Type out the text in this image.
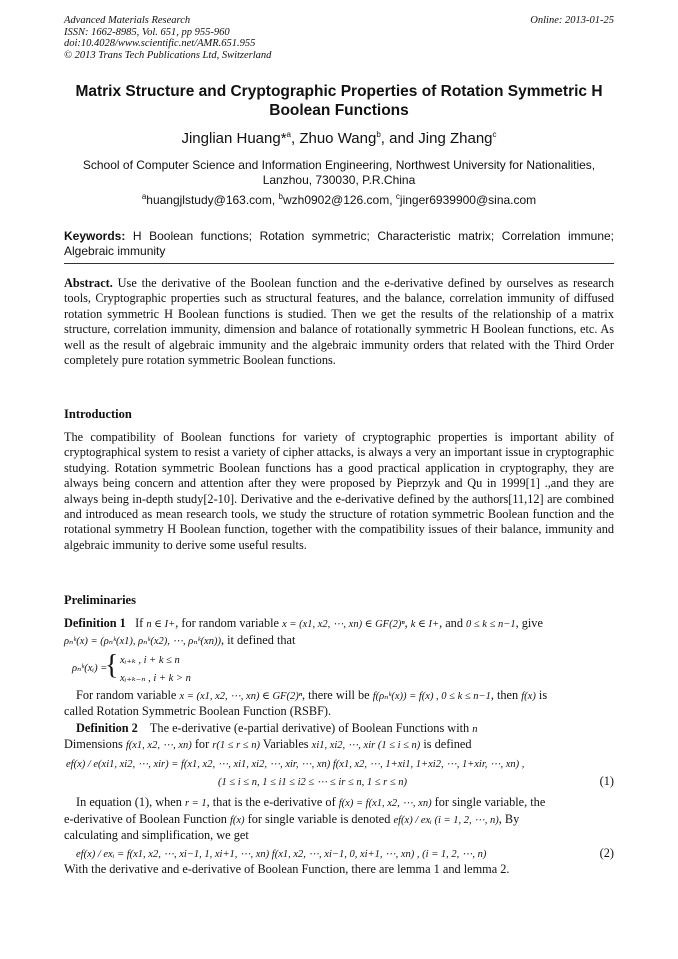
Advanced Materials Research
ISSN: 1662-8985, Vol. 651, pp 955-960
doi:10.4028/www.scientific.net/AMR.651.955
© 2013 Trans Tech Publications Ltd, Switzerland
Online: 2013-01-25
Matrix Structure and Cryptographic Properties of Rotation Symmetric H Boolean Functions
Jinglian Huang*$^a$, Zhuo Wang$^b$, and Jing Zhang$^c$
School of Computer Science and Information Engineering, Northwest University for Nationalities, Lanzhou, 730030, P.R.China
$^a$huangjlstudy@163.com, $^b$wzh0902@126.com, $^c$jinger6939900@sina.com
Keywords: H Boolean functions; Rotation symmetric; Characteristic matrix; Correlation immune; Algebraic immunity
Abstract. Use the derivative of the Boolean function and the e-derivative defined by ourselves as research tools, Cryptographic properties such as structural features, and the balance, correlation immunity of diffused rotation symmetric H Boolean functions is studied. Then we get the results of the relationship of a matrix structure, correlation immunity, dimension and balance of rotationally symmetric H Boolean functions, etc. As well as the result of algebraic immunity and the algebraic immunity orders that related with the Third Order completely pure rotation symmetric Boolean functions.
Introduction
The compatibility of Boolean functions for variety of cryptographic properties is important ability of cryptographical system to resist a variety of cipher attacks, is always a very an important issue in cryptographic studying. Rotation symmetric Boolean functions has a good practical application in cryptography, they are always being concern and attention after they were proposed by Pieprzyk and Qu in 1999[1] .,and they are always being in-depth study[2-10]. Derivative and the e-derivative defined by the authors[11,12] are combined and introduced as mean research tools, we study the structure of rotation symmetric Boolean function and the rotational symmetry H Boolean function, together with the compatibility issues of their balance, immunity and algebraic immunity to derive some useful results.
Preliminaries
Definition 1 If n ∈ I+, for random variable x = (x1, x2, ⋯, xn) ∈ GF(2)ⁿ, k ∈ I+, and 0 ≤ k ≤ n−1, give
ρₙᵏ(x) = (ρₙᵏ(x1), ρₙᵏ(x2), ⋯, ρₙᵏ(xn)), it defined that
ρₙᵏ(xᵢ) =
{ xᵢ₊ₖ , i + k ≤ n
xᵢ₊ₖ₋ₙ , i + k > n
For random variable x = (x1, x2, ⋯, xn) ∈ GF(2)ⁿ, there will be f(ρₙᵏ(x)) = f(x) , 0 ≤ k ≤ n−1, then f(x) is
called Rotation Symmetric Boolean Function (RSBF).
Definition 2 The e-derivative (e-partial derivative) of Boolean Functions with n
Dimensions f(x1, x2, ⋯, xn) for r(1 ≤ r ≤ n) Variables xi1, xi2, ⋯, xir (1 ≤ i ≤ n) is defined
ef(x) / e(xi1, xi2, ⋯, xir) = f(x1, x2, ⋯, xi1, xi2, ⋯, xir, ⋯, xn) f(x1, x2, ⋯, 1+xi1, 1+xi2, ⋯, 1+xir, ⋯, xn) ,
(1 ≤ i ≤ n, 1 ≤ i1 ≤ i2 ≤ ⋯ ≤ ir ≤ n, 1 ≤ r ≤ n)	(1)
In equation (1), when r = 1, that is the e-derivative of f(x) = f(x1, x2, ⋯, xn) for single variable, the
e-derivative of Boolean Function f(x) for single variable is denoted ef(x) / exᵢ (i = 1, 2, ⋯, n), By
calculating and simplification, we get
ef(x) / exᵢ = f(x1, x2, ⋯, xi−1, 1, xi+1, ⋯, xn) f(x1, x2, ⋯, xi−1, 0, xi+1, ⋯, xn) , (i = 1, 2, ⋯, n)	(2)
With the derivative and e-derivative of Boolean Function, there are lemma 1 and lemma 2.
